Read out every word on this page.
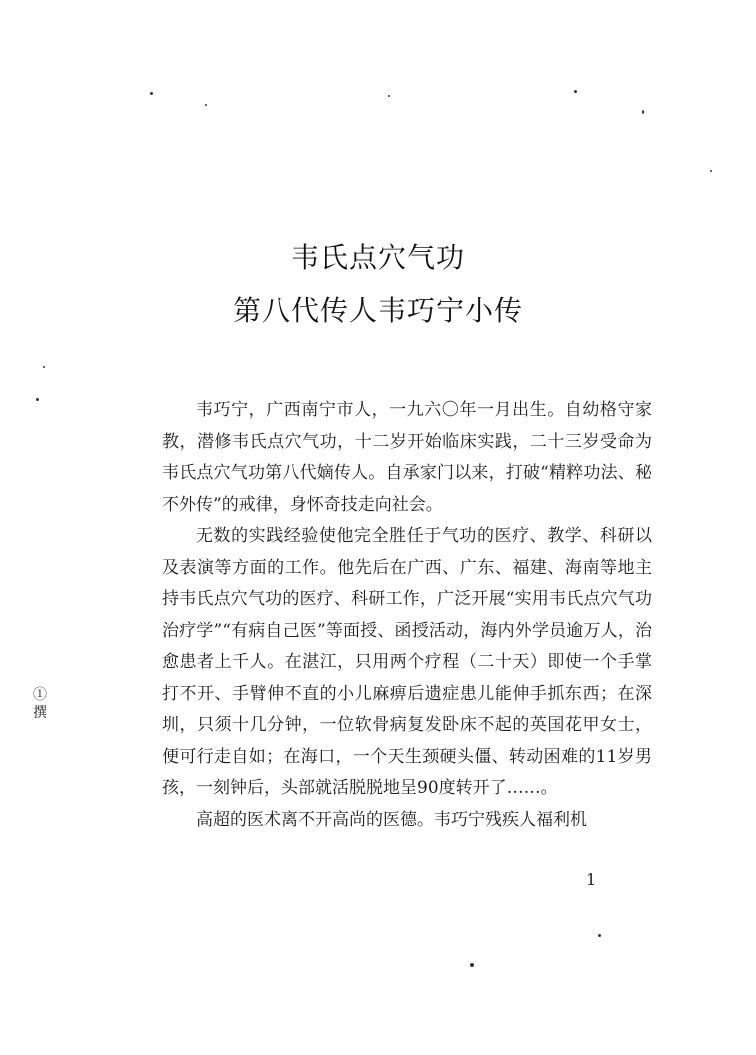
韦氏点穴气功
第八代传人韦巧宁小传

韦巧宁，广西南宁市人，一九六〇年一月出生。自幼格守家教，潜修韦氏点穴气功，十二岁开始临床实践，二十三岁受命为韦氏点穴气功第八代嫡传人。自承家门以来，打破“精粹功法、秘不外传”的戒律，身怀奇技走向社会。

无数的实践经验使他完全胜任于气功的医疗、教学、科研以及表演等方面的工作。他先后在广西、广东、福建、海南等地主持韦氏点穴气功的医疗、科研工作，广泛开展“实用韦氏点穴气功治疗学”“有病自己医”等面授、函授活动，海内外学员逾万人，治愈患者上千人。在湛江，只用两个疗程（二十天）即使一个手掌打不开、手臂伸不直的小儿麻痹后遗症患儿能伸手抓东西；在深圳，只须十几分钟，一位软骨病复发卧床不起的英国花甲女士，便可行走自如；在海口，一个天生颈硬头僵、转动困难的11岁男孩，一刻钟后，头部就活脱脱地呈90度转开了……。

高超的医术离不开高尚的医德。韦巧宁残疾人福利机

①撰
1
